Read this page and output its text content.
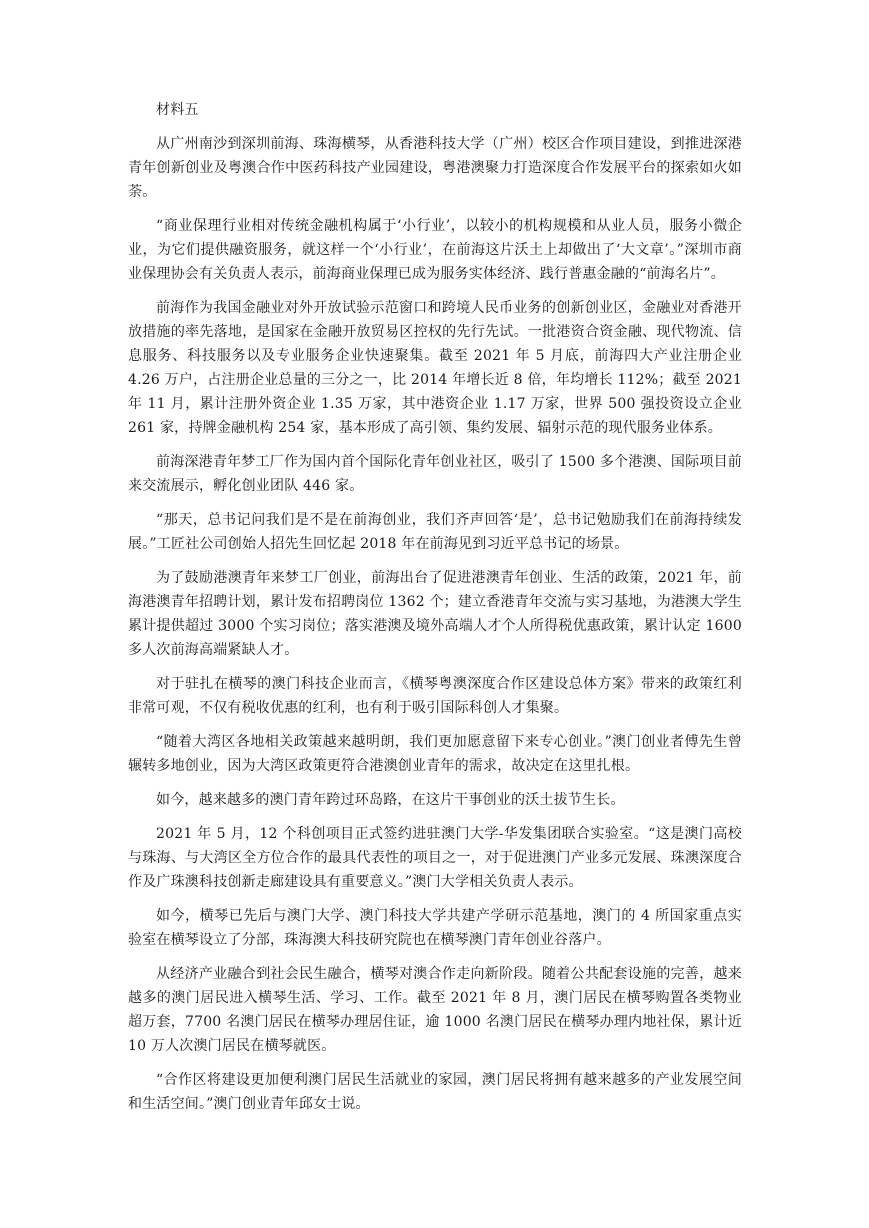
材料五

从广州南沙到深圳前海、珠海横琴，从香港科技大学（广州）校区合作项目建设，到推进深港青年创新创业及粤澳合作中医药科技产业园建设，粤港澳聚力打造深度合作发展平台的探索如火如荼。

“商业保理行业相对传统金融机构属于‘小行业’，以较小的机构规模和从业人员，服务小微企业，为它们提供融资服务，就这样一个‘小行业’，在前海这片沃土上却做出了‘大文章’。”深圳市商业保理协会有关负责人表示，前海商业保理已成为服务实体经济、践行普惠金融的“前海名片”。

前海作为我国金融业对外开放试验示范窗口和跨境人民币业务的创新创业区，金融业对香港开放措施的率先落地，是国家在金融开放贸易区控权的先行先试。一批港资合资金融、现代物流、信息服务、科技服务以及专业服务企业快速聚集。截至 2021 年 5 月底，前海四大产业注册企业 4.26 万户，占注册企业总量的三分之一，比 2014 年增长近 8 倍，年均增长 112%；截至 2021 年 11 月，累计注册外资企业 1.35 万家，其中港资企业 1.17 万家，世界 500 强投资设立企业 261 家，持牌金融机构 254 家，基本形成了高引领、集约发展、辐射示范的现代服务业体系。

前海深港青年梦工厂作为国内首个国际化青年创业社区，吸引了 1500 多个港澳、国际项目前来交流展示，孵化创业团队 446 家。

“那天，总书记问我们是不是在前海创业，我们齐声回答‘是’，总书记勉励我们在前海持续发展。”工匠社公司创始人招先生回忆起 2018 年在前海见到习近平总书记的场景。

为了鼓励港澳青年来梦工厂创业，前海出台了促进港澳青年创业、生活的政策，2021 年，前海港澳青年招聘计划，累计发布招聘岗位 1362 个；建立香港青年交流与实习基地，为港澳大学生累计提供超过 3000 个实习岗位；落实港澳及境外高端人才个人所得税优惠政策，累计认定 1600 多人次前海高端紧缺人才。

对于驻扎在横琴的澳门科技企业而言，《横琴粤澳深度合作区建设总体方案》带来的政策红利非常可观，不仅有税收优惠的红利，也有利于吸引国际科创人才集聚。

“随着大湾区各地相关政策越来越明朗，我们更加愿意留下来专心创业。”澳门创业者傅先生曾辗转多地创业，因为大湾区政策更符合港澳创业青年的需求，故决定在这里扎根。

如今，越来越多的澳门青年跨过环岛路，在这片干事创业的沃土拔节生长。

2021 年 5 月，12 个科创项目正式签约进驻澳门大学-华发集团联合实验室。“这是澳门高校与珠海、与大湾区全方位合作的最具代表性的项目之一，对于促进澳门产业多元发展、珠澳深度合作及广珠澳科技创新走廊建设具有重要意义。”澳门大学相关负责人表示。

如今，横琴已先后与澳门大学、澳门科技大学共建产学研示范基地，澳门的 4 所国家重点实验室在横琴设立了分部，珠海澳大科技研究院也在横琴澳门青年创业谷落户。

从经济产业融合到社会民生融合，横琴对澳合作走向新阶段。随着公共配套设施的完善，越来越多的澳门居民进入横琴生活、学习、工作。截至 2021 年 8 月，澳门居民在横琴购置各类物业超万套，7700 名澳门居民在横琴办理居住证，逾 1000 名澳门居民在横琴办理内地社保，累计近 10 万人次澳门居民在横琴就医。

“合作区将建设更加便利澳门居民生活就业的家园，澳门居民将拥有越来越多的产业发展空间和生活空间。”澳门创业青年邱女士说。
